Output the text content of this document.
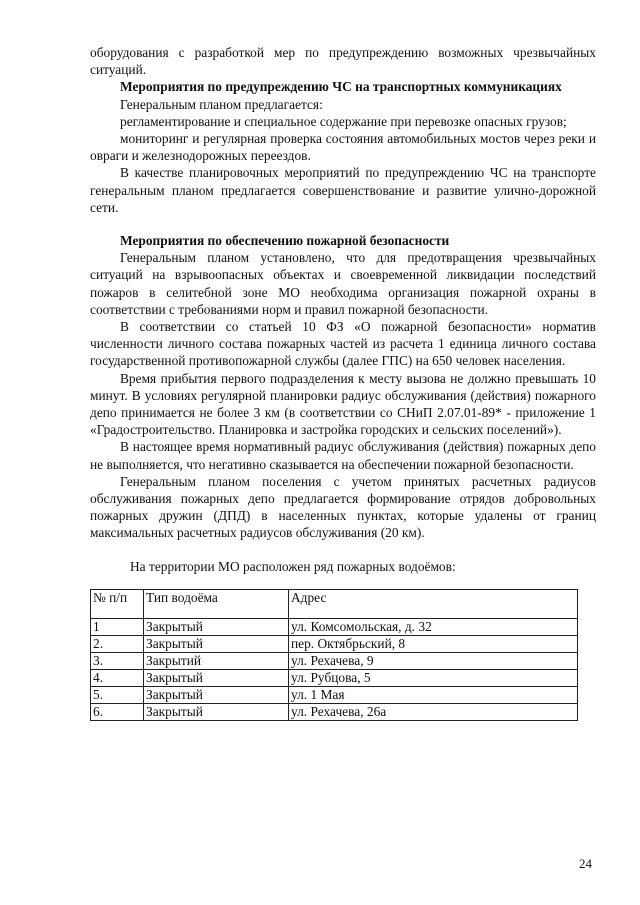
оборудования с разработкой мер по предупреждению возможных чрезвычайных ситуаций.

Мероприятия по предупреждению ЧС на транспортных коммуникациях

Генеральным планом предлагается:

регламентирование и специальное содержание при перевозке опасных грузов;

мониторинг и регулярная проверка состояния автомобильных мостов через реки и овраги и железнодорожных переездов.

В качестве планировочных мероприятий по предупреждению ЧС на транспорте генеральным планом предлагается совершенствование и развитие улично-дорожной сети.

Мероприятия по обеспечению пожарной безопасности

Генеральным планом установлено, что для предотвращения чрезвычайных ситуаций на взрывоопасных объектах и своевременной ликвидации последствий пожаров в селитебной зоне МО необходима организация пожарной охраны в соответствии с требованиями норм и правил пожарной безопасности.

В соответствии со статьей 10 ФЗ «О пожарной безопасности» норматив численности личного состава пожарных частей из расчета 1 единица личного состава государственной противопожарной службы (далее ГПС) на 650 человек населения.

Время прибытия первого подразделения к месту вызова не должно превышать 10 минут. В условиях регулярной планировки радиус обслуживания (действия) пожарного депо принимается не более 3 км (в соответствии со СНиП 2.07.01-89* - приложение 1 «Градостроительство. Планировка и застройка городских и сельских поселений»).

В настоящее время нормативный радиус обслуживания (действия) пожарных депо не выполняется, что негативно сказывается на обеспечении пожарной безопасности.

Генеральным планом поселения с учетом принятых расчетных радиусов обслуживания пожарных депо предлагается формирование отрядов добровольных пожарных дружин (ДПД) в населенных пунктах, которые удалены от границ максимальных расчетных радиусов обслуживания (20 км).

На территории МО расположен ряд пожарных водоёмов:

№ п/п	Тип водоёма	Адрес
1	Закрытый	ул. Комсомольская, д. 32
2.	Закрытый	пер. Октябрьский, 8
3.	Закрытий	ул. Рехачева, 9
4.	Закрытый	ул. Рубцова, 5
5.	Закрытый	ул. 1 Мая
6.	Закрытый	ул. Рехачева, 26а
24
